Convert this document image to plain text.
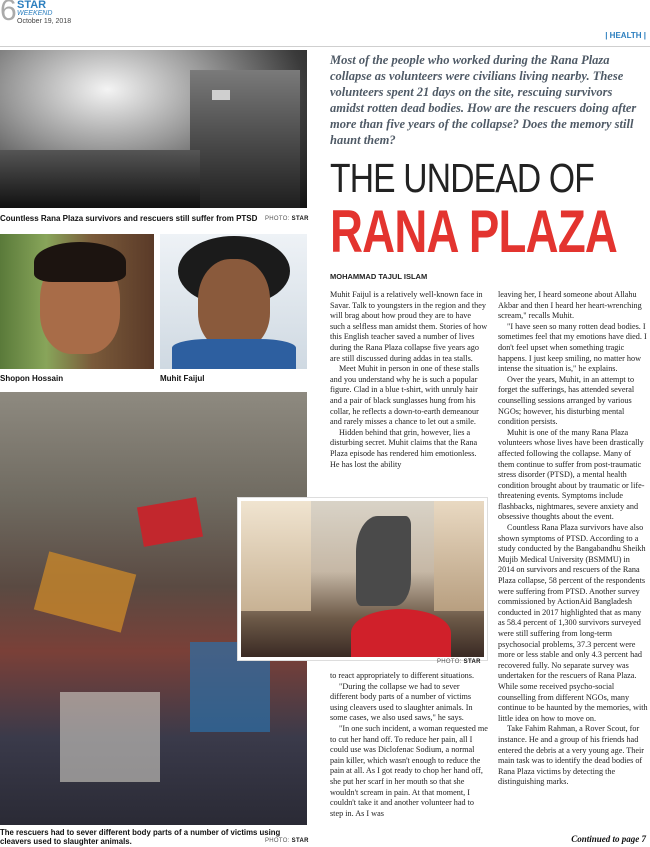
6 STAR
WEEKEND
October 19, 2018
| HEALTH |
Countless Rana Plaza survivors and rescuers still suffer from PTSD	PHOTO: STAR
Shopon Hossain	Muhit Faijul
The rescuers had to sever different body parts of a number of victims using cleavers used to slaughter animals.	PHOTO: STAR
PHOTO: STAR

Most of the people who worked during the Rana Plaza collapse as volunteers were civilians living nearby. These volunteers spent 21 days on the site, rescuing survivors amidst rotten dead bodies. How are the rescuers doing after more than five years of the collapse? Does the memory still haunt them?

THE UNDEAD OF
RANA PLAZA
MOHAMMAD TAJUL ISLAM

Muhit Faijul is a relatively well-known face in Savar. Talk to youngsters in the region and they will brag about how proud they are to have such a selfless man amidst them. Stories of how this English teacher saved a number of lives during the Rana Plaza collapse five years ago are still discussed during addas in tea stalls.

Meet Muhit in person in one of these stalls and you understand why he is such a popular figure. Clad in a blue t-shirt, with unruly hair and a pair of black sunglasses hung from his collar, he reflects a down-to-earth demeanour and rarely misses a chance to let out a smile.

Hidden behind that grin, however, lies a disturbing secret. Muhit claims that the Rana Plaza episode has rendered him emotionless. He has lost the ability

to react appropriately to different situations.

"During the collapse we had to sever different body parts of a number of victims using cleavers used to slaughter animals. In some cases, we also used saws," he says.

"In one such incident, a woman requested me to cut her hand off. To reduce her pain, all I could use was Diclofenac Sodium, a normal pain killer, which wasn't enough to reduce the pain at all. As I got ready to chop her hand off, she put her scarf in her mouth so that she wouldn't scream in pain. At that moment, I couldn't take it and another volunteer had to step in. As I was

leaving her, I heard someone about Allahu Akbar and then I heard her heart-wrenching scream," recalls Muhit.

"I have seen so many rotten dead bodies. I sometimes feel that my emotions have died. I don't feel upset when something tragic happens. I just keep smiling, no matter how intense the situation is," he explains.

Over the years, Muhit, in an attempt to forget the sufferings, has attended several counselling sessions arranged by various NGOs; however, his disturbing mental condition persists.

Muhit is one of the many Rana Plaza volunteers whose lives have been drastically affected following the collapse. Many of them continue to suffer from post-traumatic stress disorder (PTSD), a mental health condition brought about by traumatic or life-threatening events. Symptoms include flashbacks, nightmares, severe anxiety and obsessive thoughts about the event.

Countless Rana Plaza survivors have also shown symptoms of PTSD. According to a study conducted by the Bangabandhu Sheikh Mujib Medical University (BSMMU) in 2014 on survivors and rescuers of the Rana Plaza collapse, 58 percent of the respondents were suffering from PTSD. Another survey commissioned by ActionAid Bangladesh conducted in 2017 highlighted that as many as 58.4 percent of 1,300 survivors surveyed were still suffering from long-term psychosocial problems, 37.3 percent were more or less stable and only 4.3 percent had recovered fully. No separate survey was undertaken for the rescuers of Rana Plaza. While some received psycho-social counselling from different NGOs, many continue to be haunted by the memories, with little idea on how to move on.

Take Fahim Rahman, a Rover Scout, for instance. He and a group of his friends had entered the debris at a very young age. Their main task was to identify the dead bodies of Rana Plaza victims by detecting the distinguishing marks.

Continued to page 7
